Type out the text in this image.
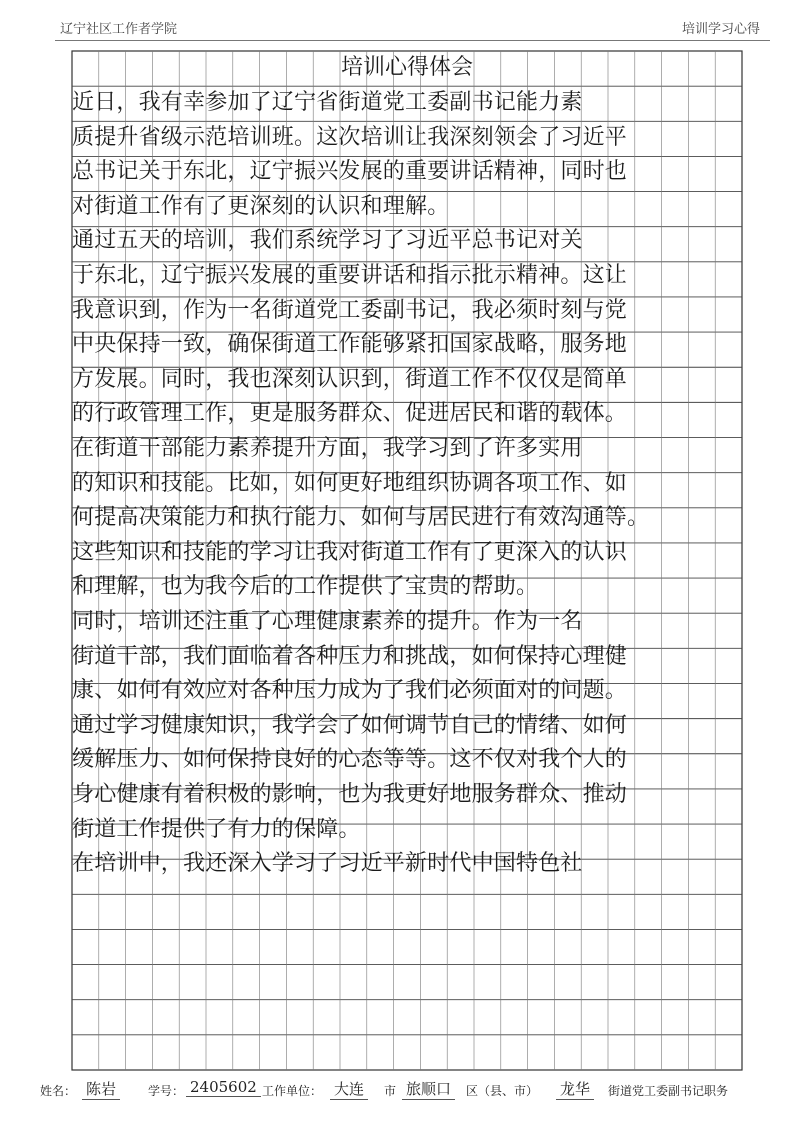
辽宁社区工作者学院	培训学习心得
培训心得体会
近日，我有幸参加了辽宁省街道党工委副书记能力素
质提升省级示范培训班。这次培训让我深刻领会了习近平
总书记关于东北，辽宁振兴发展的重要讲话精神，同时也
对街道工作有了更深刻的认识和理解。
通过五天的培训，我们系统学习了习近平总书记对关
于东北，辽宁振兴发展的重要讲话和指示批示精神。这让
我意识到，作为一名街道党工委副书记，我必须时刻与党
中央保持一致，确保街道工作能够紧扣国家战略，服务地
方发展。同时，我也深刻认识到，街道工作不仅仅是简单
的行政管理工作，更是服务群众、促进居民和谐的载体。
在街道干部能力素养提升方面，我学习到了许多实用
的知识和技能。比如，如何更好地组织协调各项工作、如
何提高决策能力和执行能力、如何与居民进行有效沟通等。
这些知识和技能的学习让我对街道工作有了更深入的认识
和理解，也为我今后的工作提供了宝贵的帮助。
同时，培训还注重了心理健康素养的提升。作为一名
街道干部，我们面临着各种压力和挑战，如何保持心理健
康、如何有效应对各种压力成为了我们必须面对的问题。
通过学习健康知识，我学会了如何调节自己的情绪、如何
缓解压力、如何保持良好的心态等等。这不仅对我个人的
身心健康有着积极的影响，也为我更好地服务群众、推动
街道工作提供了有力的保障。
在培训中，我还深入学习了习近平新时代中国特色社
姓名： 陈岩	学号： 2405602 工作单位： 大连	市 旅顺口	区（县、市） 龙华	街道党工委副书记职务
